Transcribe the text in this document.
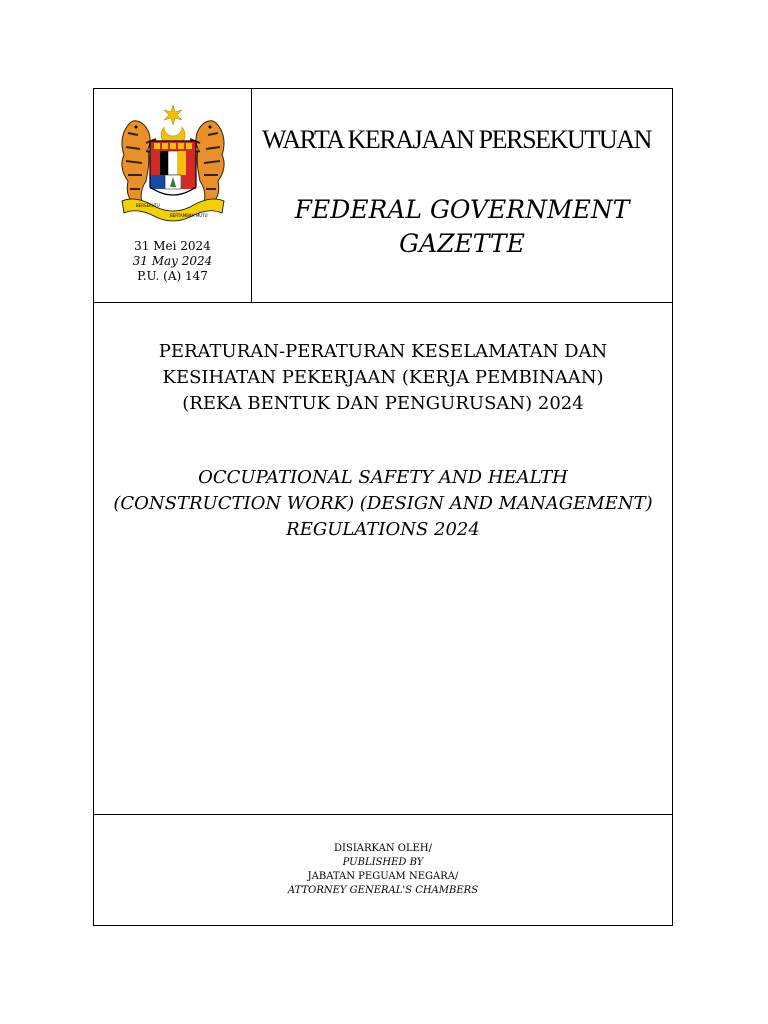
BERSEKUTU
BERTAMBAH MUTU
31 Mei 2024
31 May 2024
P.U. (A) 147
WARTA KERAJAAN PERSEKUTUAN
FEDERAL GOVERNMENT
GAZETTE
PERATURAN-PERATURAN KESELAMATAN DAN
KESIHATAN PEKERJAAN (KERJA PEMBINAAN)
(REKA BENTUK DAN PENGURUSAN) 2024
OCCUPATIONAL SAFETY AND HEALTH
(CONSTRUCTION WORK) (DESIGN AND MANAGEMENT)
REGULATIONS 2024
DISIARKAN OLEH/
PUBLISHED BY
JABATAN PEGUAM NEGARA/
ATTORNEY GENERAL'S CHAMBERS
